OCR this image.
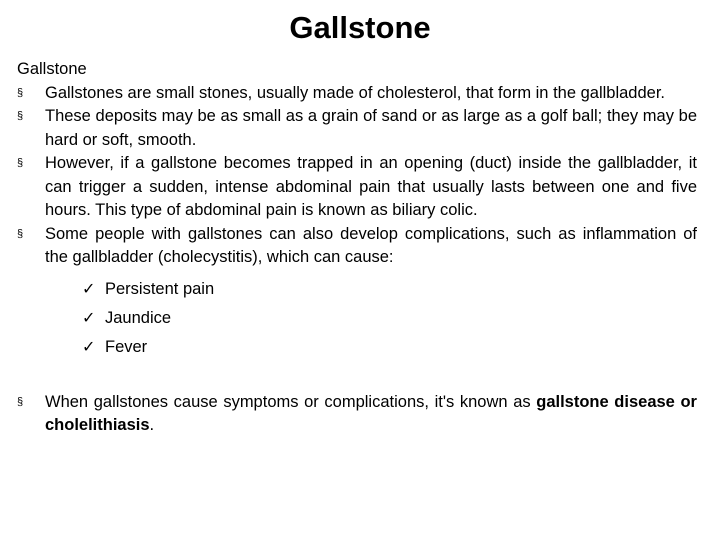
Gallstone

Gallstone

§	Gallstones are small stones, usually made of cholesterol, that form in the gallbladder.
§	These deposits may be as small as a grain of sand or as large as a golf ball; they may be hard or soft, smooth.
§	However, if a gallstone becomes trapped in an opening (duct) inside the gallbladder, it can trigger a sudden, intense abdominal pain that usually lasts between one and five hours. This type of abdominal pain is known as biliary colic.
§	Some people with gallstones can also develop complications, such as inflammation of the gallbladder (cholecystitis), which can cause:
✓ Persistent pain
✓ Jaundice
✓ Fever
§	When gallstones cause symptoms or complications, it's known as gallstone disease or cholelithiasis.
